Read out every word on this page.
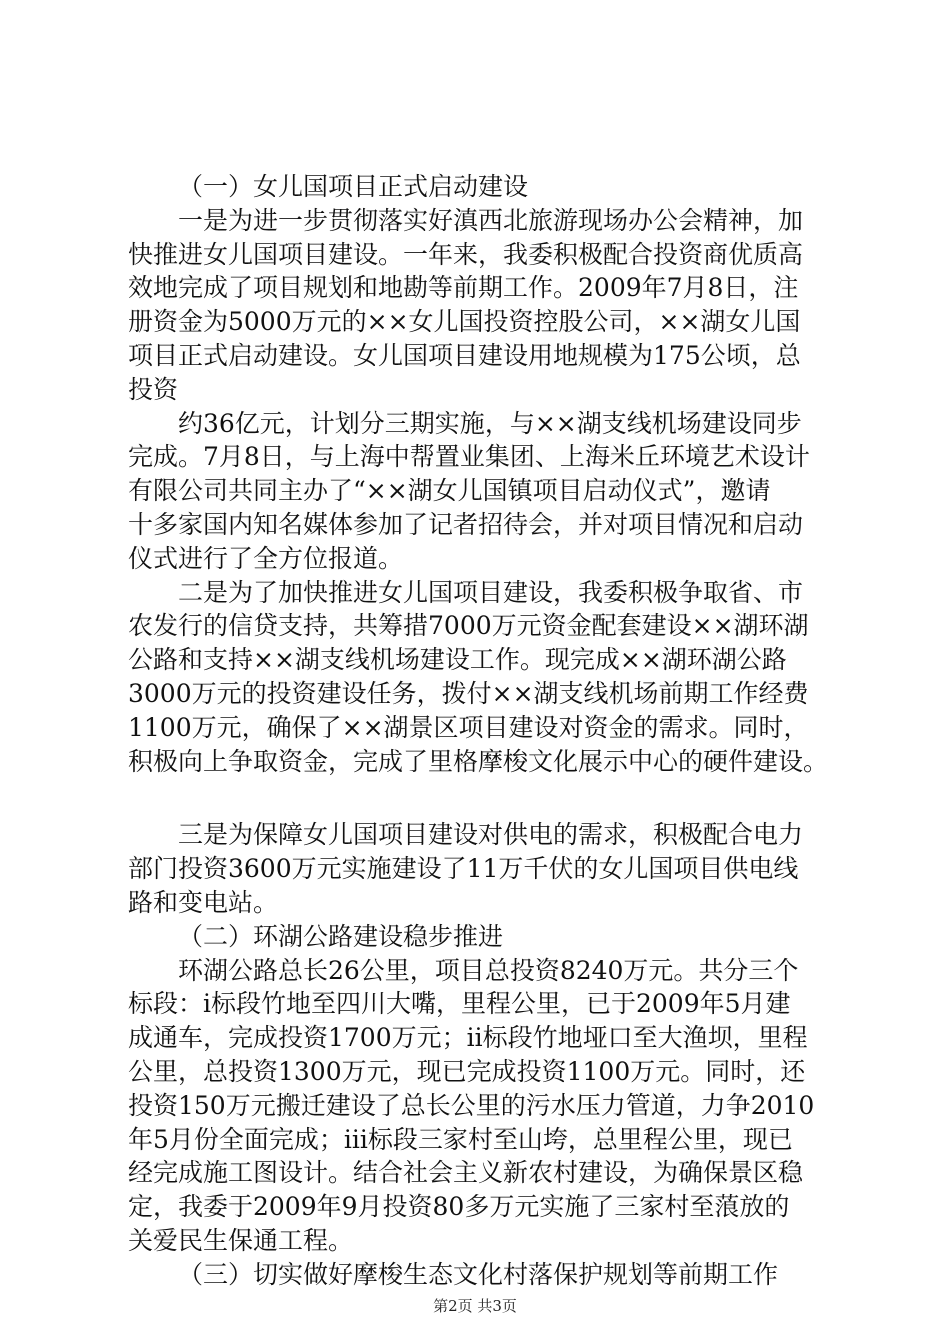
（一）女儿国项目正式启动建设
一是为进一步贯彻落实好滇西北旅游现场办公会精神，加
快推进女儿国项目建设。一年来，我委积极配合投资商优质高
效地完成了项目规划和地勘等前期工作。2009年7月8日，注
册资金为5000万元的××女儿国投资控股公司，××湖女儿国
项目正式启动建设。女儿国项目建设用地规模为175公顷，总
投资
约36亿元，计划分三期实施，与××湖支线机场建设同步
完成。7月8日，与上海中帮置业集团、上海米丘环境艺术设计
有限公司共同主办了“××湖女儿国镇项目启动仪式”，邀请
十多家国内知名媒体参加了记者招待会，并对项目情况和启动
仪式进行了全方位报道。
二是为了加快推进女儿国项目建设，我委积极争取省、市
农发行的信贷支持，共筹措7000万元资金配套建设××湖环湖
公路和支持××湖支线机场建设工作。现完成××湖环湖公路
3000万元的投资建设任务，拨付××湖支线机场前期工作经费
1100万元，确保了××湖景区项目建设对资金的需求。同时，
积极向上争取资金，完成了里格摩梭文化展示中心的硬件建设。
三是为保障女儿国项目建设对供电的需求，积极配合电力
部门投资3600万元实施建设了11万千伏的女儿国项目供电线
路和变电站。
（二）环湖公路建设稳步推进
环湖公路总长26公里，项目总投资8240万元。共分三个
标段：ⅰ标段竹地至四川大嘴，里程公里，已于2009年5月建
成通车，完成投资1700万元；ⅱ标段竹地垭口至大渔坝，里程
公里，总投资1300万元，现已完成投资1100万元。同时，还
投资150万元搬迁建设了总长公里的污水压力管道，力争2010
年5月份全面完成；ⅲ标段三家村至山垮，总里程公里，现已
经完成施工图设计。结合社会主义新农村建设，为确保景区稳
定，我委于2009年9月投资80多万元实施了三家村至蒗放的
关爱民生保通工程。
（三）切实做好摩梭生态文化村落保护规划等前期工作
第2页 共3页
